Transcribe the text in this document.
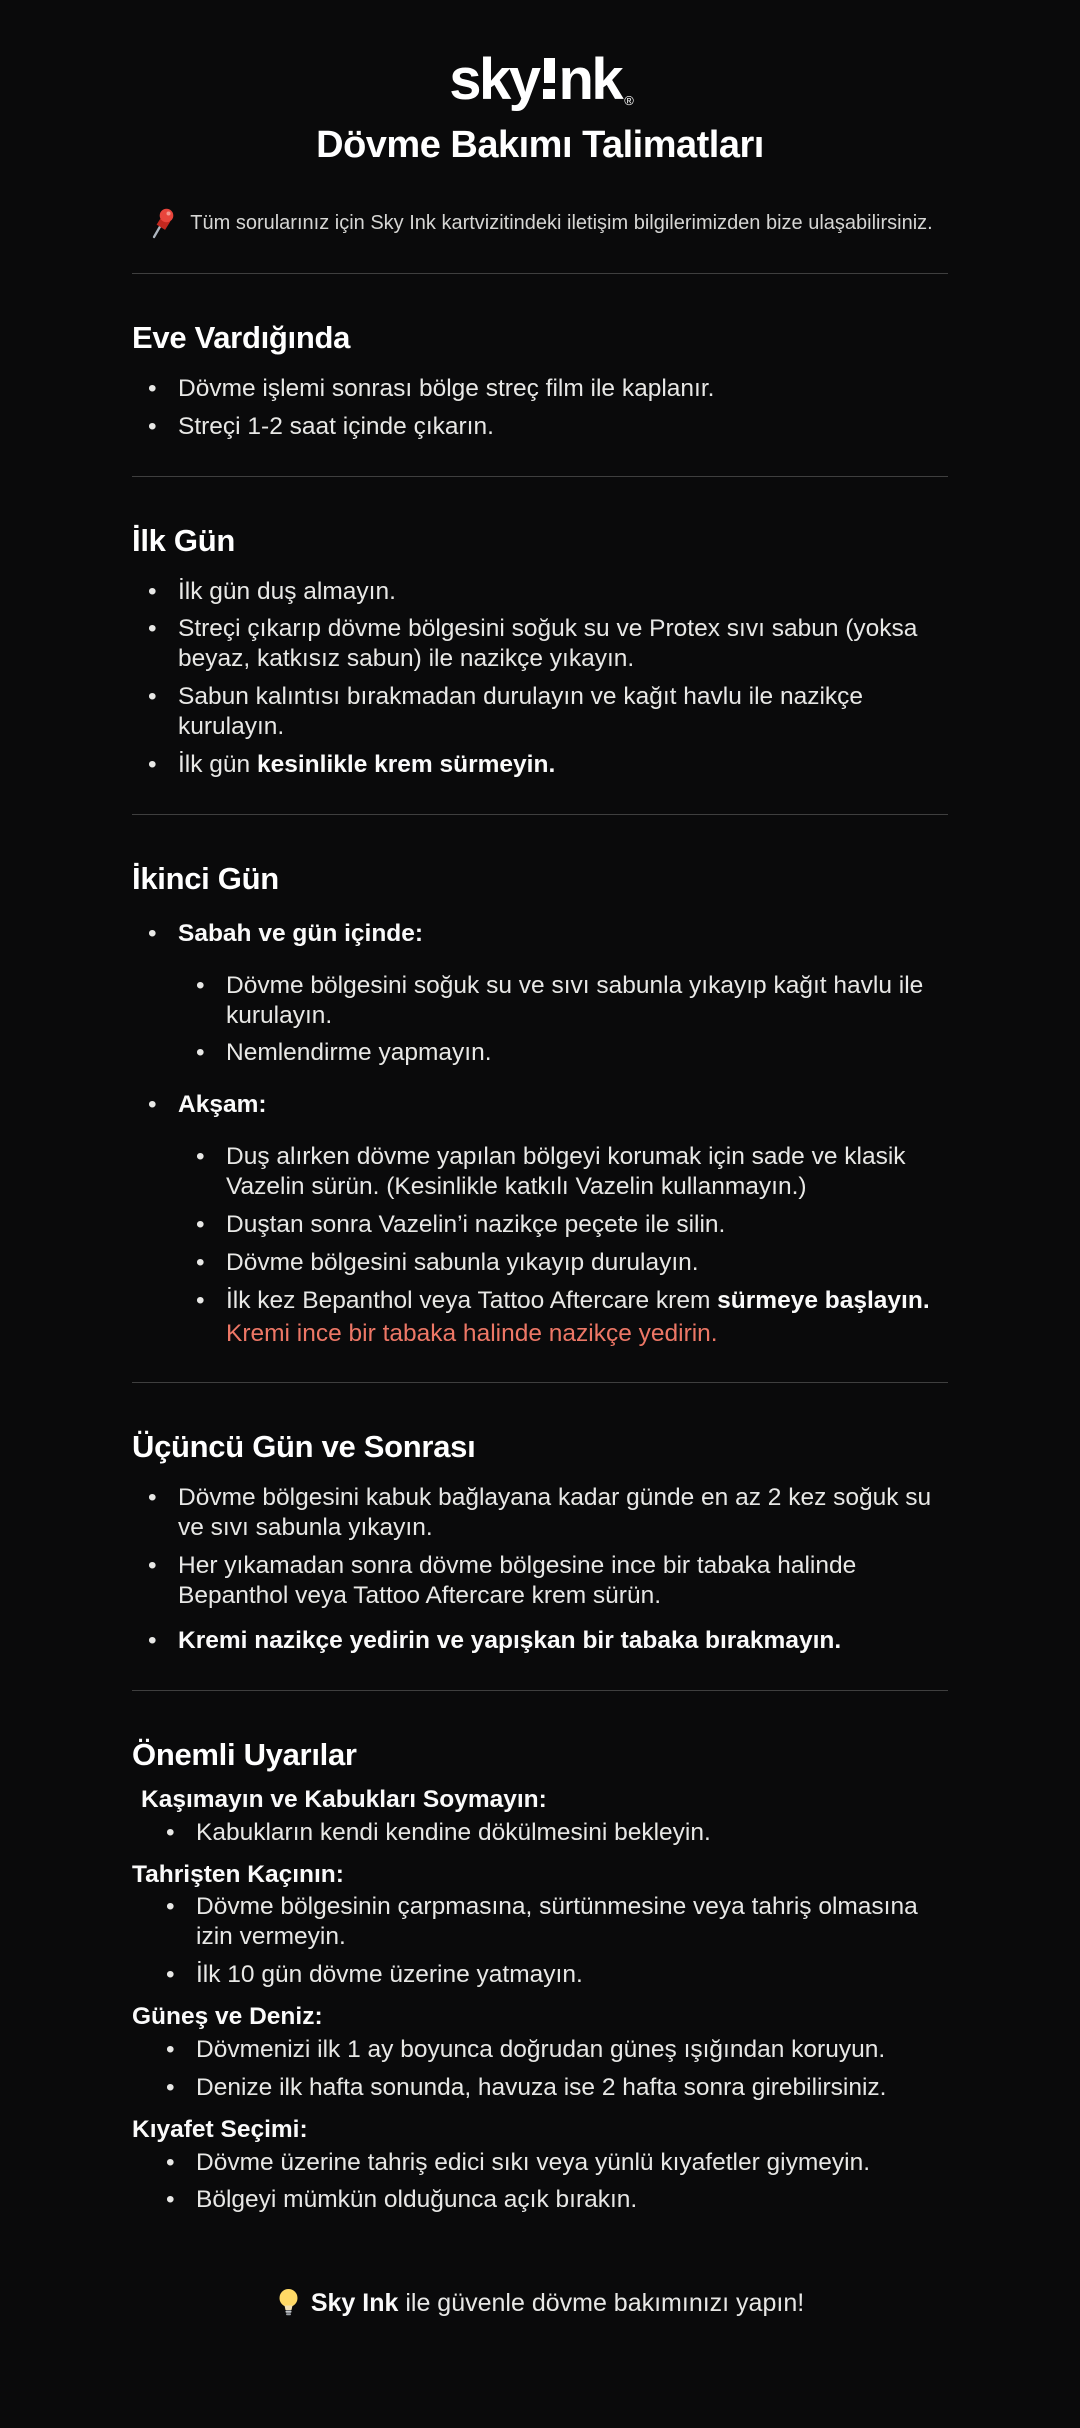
sky nk ®
Dövme Bakımı Talimatları
Tüm sorularınız için Sky Ink kartvizitindeki iletişim bilgilerimizden bize ulaşabilirsiniz.
Eve Vardığında
• Dövme işlemi sonrası bölge streç film ile kaplanır.
• Streçi 1-2 saat içinde çıkarın.
İlk Gün
• İlk gün duş almayın.
• Streçi çıkarıp dövme bölgesini soğuk su ve Protex sıvı sabun (yoksa beyaz, katkısız sabun) ile nazikçe yıkayın.
• Sabun kalıntısı bırakmadan durulayın ve kağıt havlu ile nazikçe kurulayın.
• İlk gün kesinlikle krem sürmeyin.
İkinci Gün
• Sabah ve gün içinde:
• Dövme bölgesini soğuk su ve sıvı sabunla yıkayıp kağıt havlu ile kurulayın.
• Nemlendirme yapmayın.
• Akşam:
• Duş alırken dövme yapılan bölgeyi korumak için sade ve klasik Vazelin sürün. (Kesinlikle katkılı Vazelin kullanmayın.)
• Duştan sonra Vazelin’i nazikçe peçete ile silin.
• Dövme bölgesini sabunla yıkayıp durulayın.
• İlk kez Bepanthol veya Tattoo Aftercare krem sürmeye başlayın.
Kremi ince bir tabaka halinde nazikçe yedirin.
Üçüncü Gün ve Sonrası
• Dövme bölgesini kabuk bağlayana kadar günde en az 2 kez soğuk su ve sıvı sabunla yıkayın.
• Her yıkamadan sonra dövme bölgesine ince bir tabaka halinde Bepanthol veya Tattoo Aftercare krem sürün.
• Kremi nazikçe yedirin ve yapışkan bir tabaka bırakmayın.
Önemli Uyarılar
Kaşımayın ve Kabukları Soymayın:
• Kabukların kendi kendine dökülmesini bekleyin.
Tahrişten Kaçının:
• Dövme bölgesinin çarpmasına, sürtünmesine veya tahriş olmasına izin vermeyin.
• İlk 10 gün dövme üzerine yatmayın.
Güneş ve Deniz:
• Dövmenizi ilk 1 ay boyunca doğrudan güneş ışığından koruyun.
• Denize ilk hafta sonunda, havuza ise 2 hafta sonra girebilirsiniz.
Kıyafet Seçimi:
• Dövme üzerine tahriş edici sıkı veya yünlü kıyafetler giymeyin.
• Bölgeyi mümkün olduğunca açık bırakın.
Sky Ink ile güvenle dövme bakımınızı yapın!
